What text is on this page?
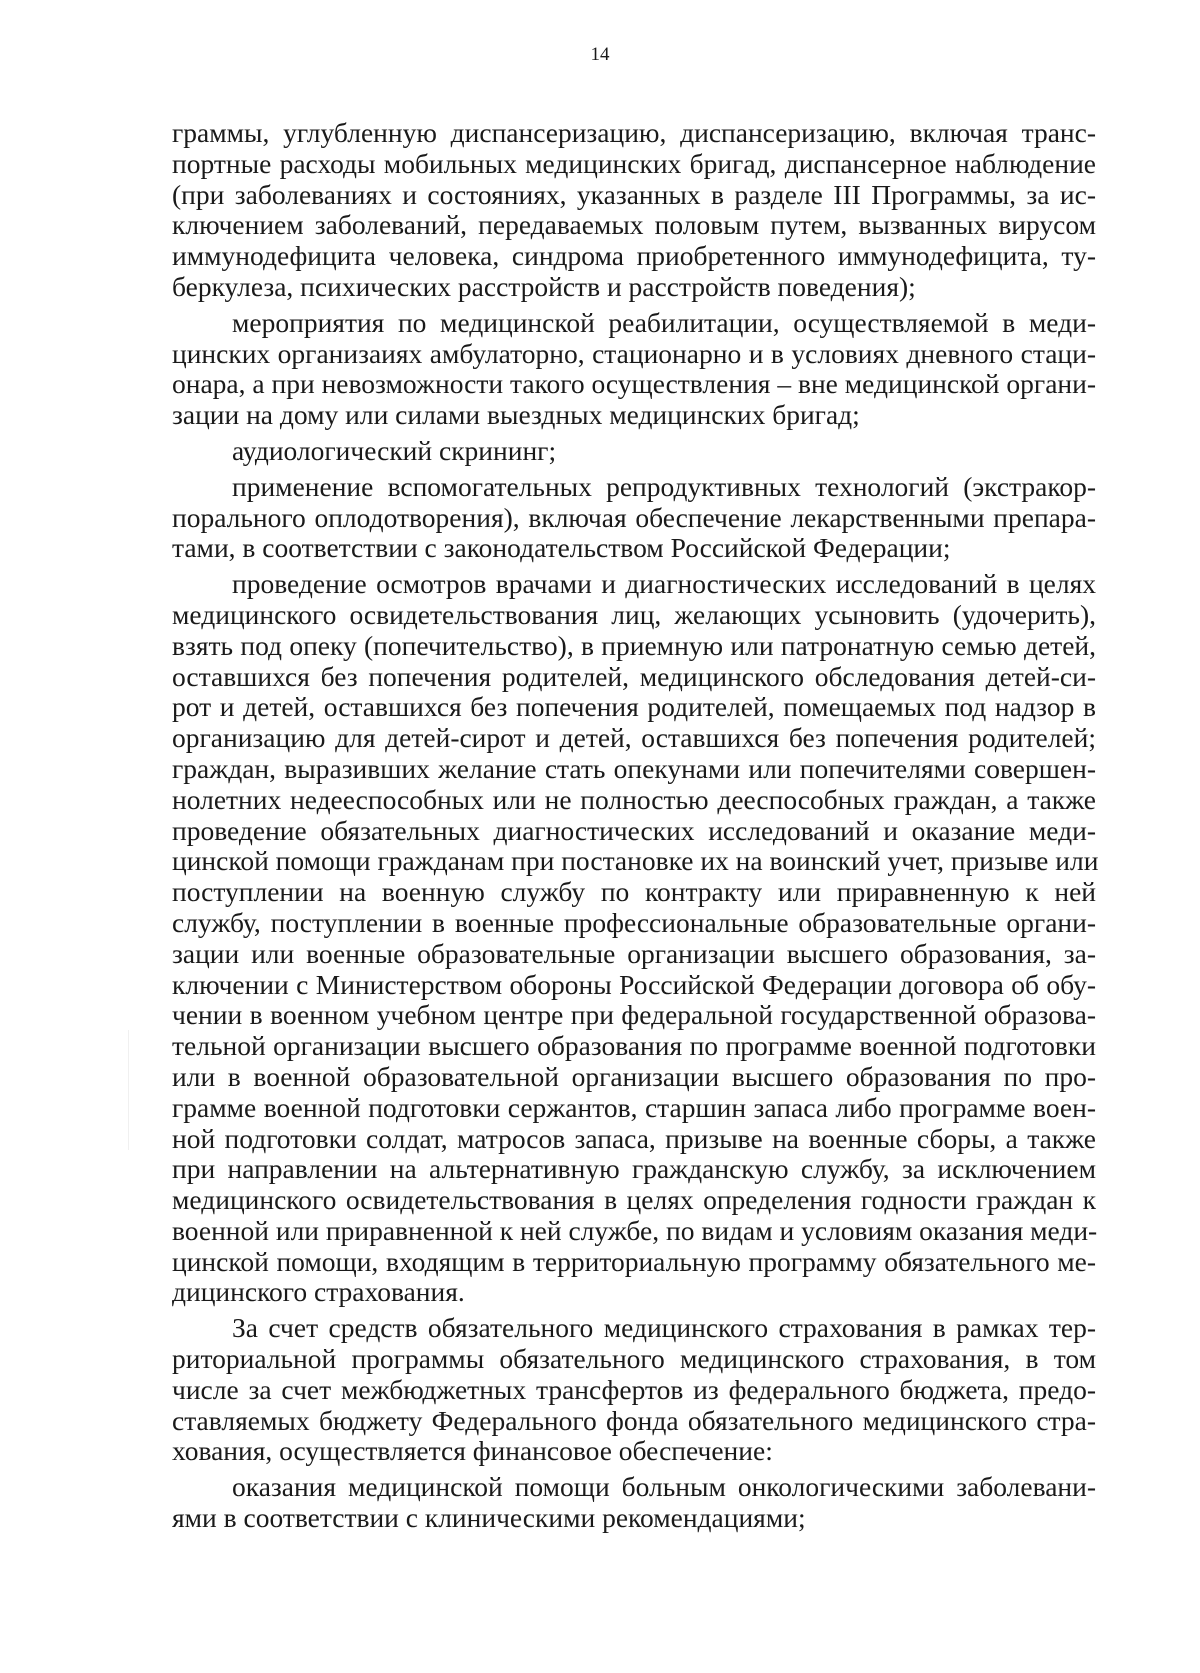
14
граммы, углубленную диспансеризацию, диспансеризацию, включая транс-
портные расходы мобильных медицинских бригад, диспансерное наблюдение
(при заболеваниях и состояниях, указанных в разделе III Программы, за ис-
ключением заболеваний, передаваемых половым путем, вызванных вирусом
иммунодефицита человека, синдрома приобретенного иммунодефицита, ту-
беркулеза, психических расстройств и расстройств поведения);
мероприятия по медицинской реабилитации, осуществляемой в меди-
цинских организаиях амбулаторно, стационарно и в условиях дневного стаци-
онара, а при невозможности такого осуществления – вне медицинской органи-
зации на дому или силами выездных медицинских бригад;
аудиологический скрининг;
применение вспомогательных репродуктивных технологий (экстракор-
порального оплодотворения), включая обеспечение лекарственными препара-
тами, в соответствии с законодательством Российской Федерации;
проведение осмотров врачами и диагностических исследований в целях
медицинского освидетельствования лиц, желающих усыновить (удочерить),
взять под опеку (попечительство), в приемную или патронатную семью детей,
оставшихся без попечения родителей, медицинского обследования детей-си-
рот и детей, оставшихся без попечения родителей, помещаемых под надзор в
организацию для детей-сирот и детей, оставшихся без попечения родителей;
граждан, выразивших желание стать опекунами или попечителями совершен-
нолетних недееспособных или не полностью дееспособных граждан, а также
проведение обязательных диагностических исследований и оказание меди-
цинской помощи гражданам при постановке их на воинский учет, призыве или
поступлении на военную службу по контракту или приравненную к ней
службу, поступлении в военные профессиональные образовательные органи-
зации или военные образовательные организации высшего образования, за-
ключении с Министерством обороны Российской Федерации договора об обу-
чении в военном учебном центре при федеральной государственной образова-
тельной организации высшего образования по программе военной подготовки
или в военной образовательной организации высшего образования по про-
грамме военной подготовки сержантов, старшин запаса либо программе воен-
ной подготовки солдат, матросов запаса, призыве на военные сборы, а также
при направлении на альтернативную гражданскую службу, за исключением
медицинского освидетельствования в целях определения годности граждан к
военной или приравненной к ней службе, по видам и условиям оказания меди-
цинской помощи, входящим в территориальную программу обязательного ме-
дицинского страхования.
За счет средств обязательного медицинского страхования в рамках тер-
риториальной программы обязательного медицинского страхования, в том
числе за счет межбюджетных трансфертов из федерального бюджета, предо-
ставляемых бюджету Федерального фонда обязательного медицинского стра-
хования, осуществляется финансовое обеспечение:
оказания медицинской помощи больным онкологическими заболевани-
ями в соответствии с клиническими рекомендациями;
